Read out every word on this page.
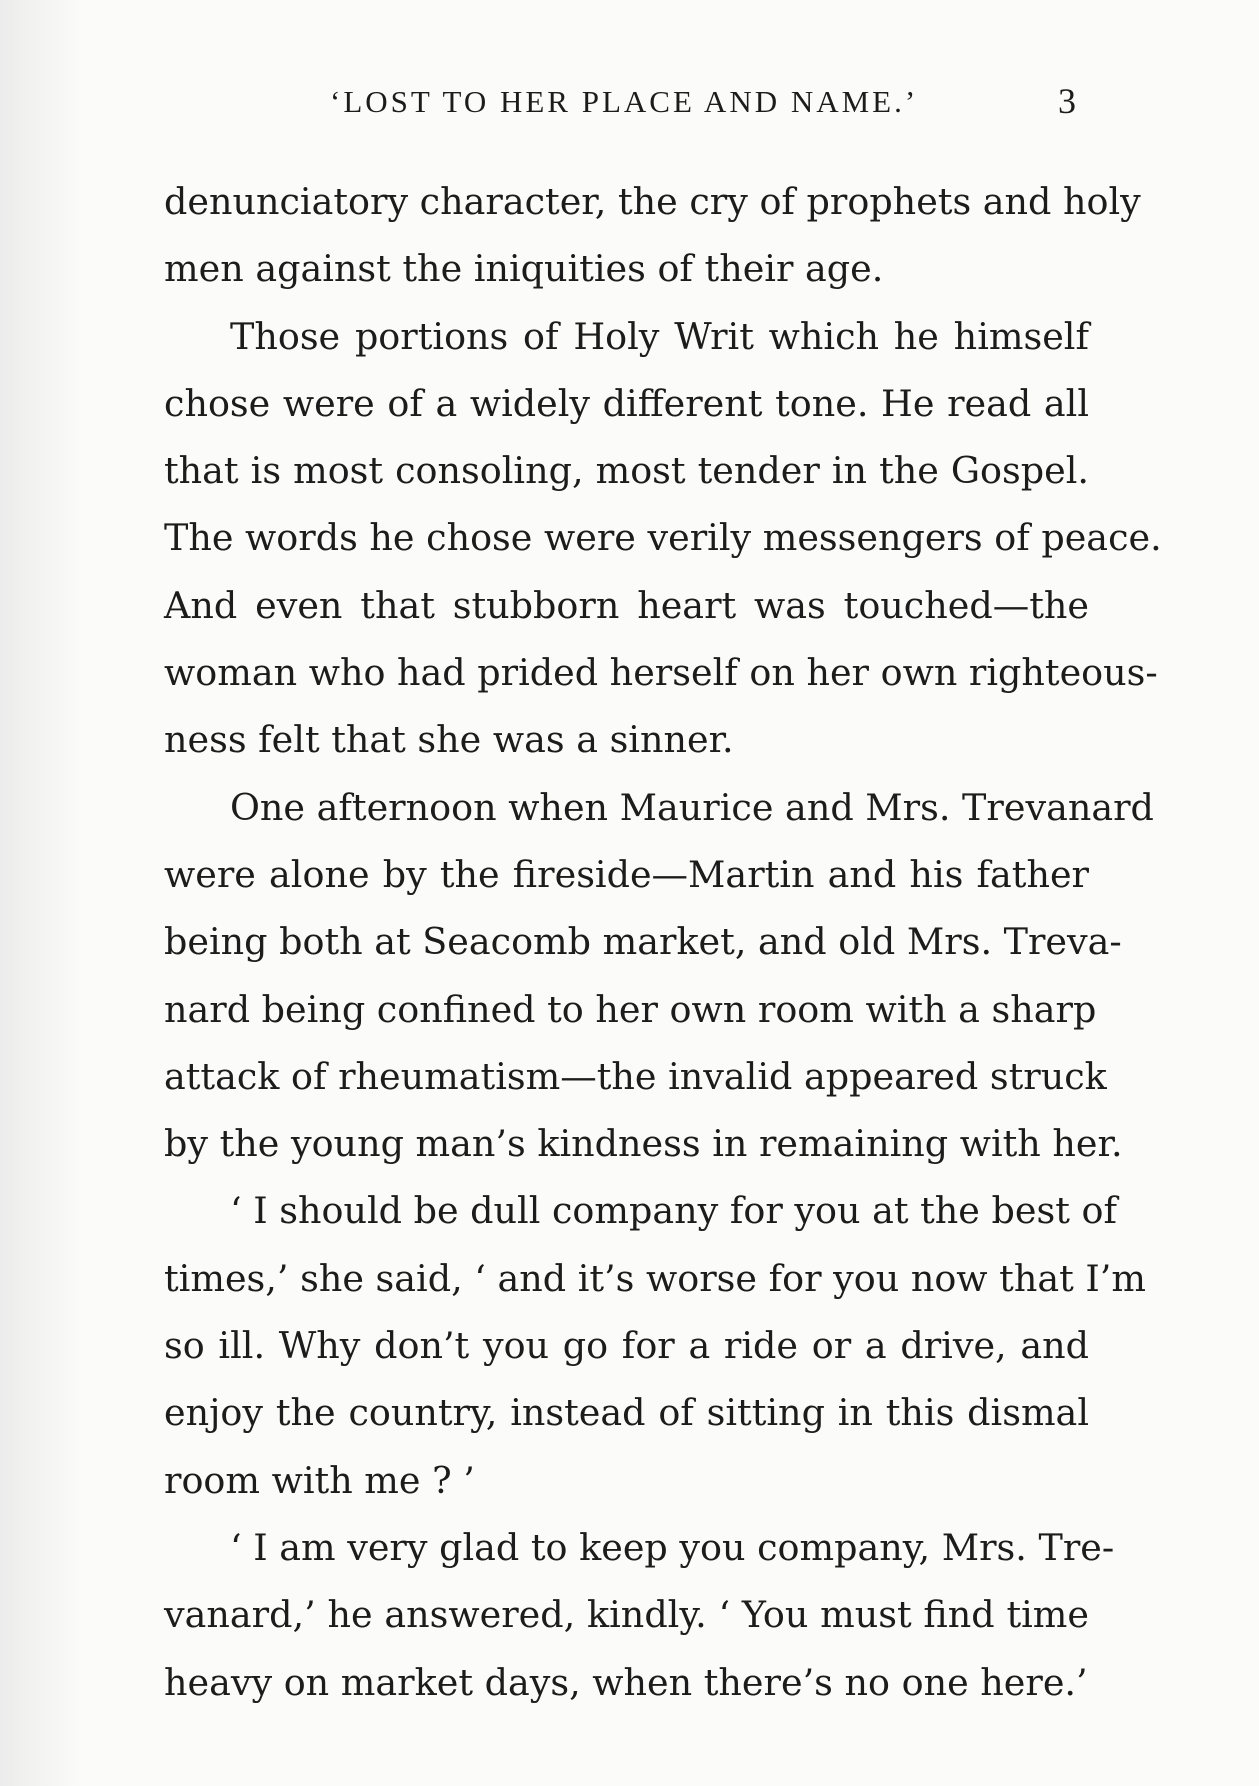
‘LOST TO HER PLACE AND NAME.’	3
denunciatory character, the cry of prophets and holy
men against the iniquities of their age.
Those portions of Holy Writ which he himself
chose were of a widely different tone. He read all
that is most consoling, most tender in the Gospel.
The words he chose were verily messengers of peace.
And even that stubborn heart was touched—the
woman who had prided herself on her own righteous-
ness felt that she was a sinner.
One afternoon when Maurice and Mrs. Trevanard
were alone by the fireside—Martin and his father
being both at Seacomb market, and old Mrs. Treva-
nard being confined to her own room with a sharp
attack of rheumatism—the invalid appeared struck
by the young man’s kindness in remaining with her.
‘ I should be dull company for you at the best of
times,’ she said, ‘ and it’s worse for you now that I’m
so ill. Why don’t you go for a ride or a drive, and
enjoy the country, instead of sitting in this dismal
room with me ? ’
‘ I am very glad to keep you company, Mrs. Tre-
vanard,’ he answered, kindly. ‘ You must find time
heavy on market days, when there’s no one here.’
